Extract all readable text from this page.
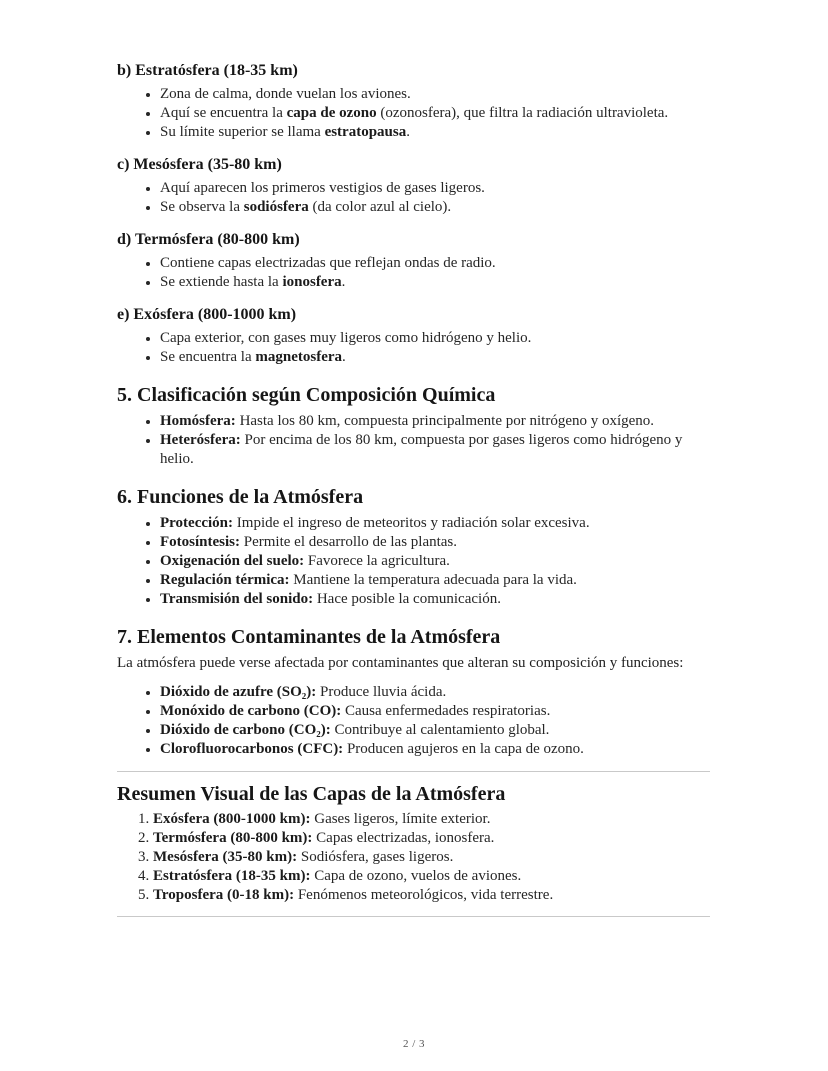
b) Estratósfera (18-35 km)
• Zona de calma, donde vuelan los aviones.
• Aquí se encuentra la capa de ozono (ozonosfera), que filtra la radiación ultravioleta.
• Su límite superior se llama estratopausa.
c) Mesósfera (35-80 km)
• Aquí aparecen los primeros vestigios de gases ligeros.
• Se observa la sodiósfera (da color azul al cielo).
d) Termósfera (80-800 km)
• Contiene capas electrizadas que reflejan ondas de radio.
• Se extiende hasta la ionosfera.
e) Exósfera (800-1000 km)
• Capa exterior, con gases muy ligeros como hidrógeno y helio.
• Se encuentra la magnetosfera.
5. Clasificación según Composición Química
• Homósfera: Hasta los 80 km, compuesta principalmente por nitrógeno y oxígeno.
• Heterósfera: Por encima de los 80 km, compuesta por gases ligeros como hidrógeno y helio.
6. Funciones de la Atmósfera
• Protección: Impide el ingreso de meteoritos y radiación solar excesiva.
• Fotosíntesis: Permite el desarrollo de las plantas.
• Oxigenación del suelo: Favorece la agricultura.
• Regulación térmica: Mantiene la temperatura adecuada para la vida.
• Transmisión del sonido: Hace posible la comunicación.
7. Elementos Contaminantes de la Atmósfera

La atmósfera puede verse afectada por contaminantes que alteran su composición y funciones:

• Dióxido de azufre (SO₂): Produce lluvia ácida.
• Monóxido de carbono (CO): Causa enfermedades respiratorias.
• Dióxido de carbono (CO₂): Contribuye al calentamiento global.
• Clorofluorocarbonos (CFC): Producen agujeros en la capa de ozono.
Resumen Visual de las Capas de la Atmósfera
1. Exósfera (800-1000 km): Gases ligeros, límite exterior.
2. Termósfera (80-800 km): Capas electrizadas, ionosfera.
3. Mesósfera (35-80 km): Sodiósfera, gases ligeros.
4. Estratósfera (18-35 km): Capa de ozono, vuelos de aviones.
5. Troposfera (0-18 km): Fenómenos meteorológicos, vida terrestre.
2 / 3
